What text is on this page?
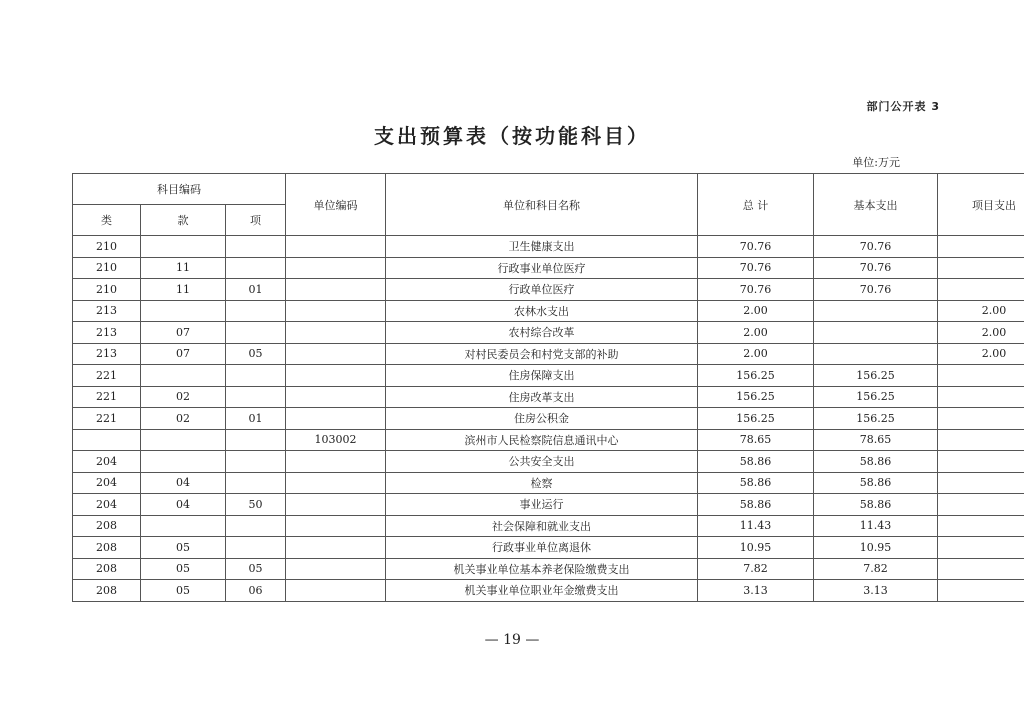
部门公开表 3
支出预算表（按功能科目）
单位:万元
科目编码			单位编码	单位和科目名称	总 计	基本支出	项目支出
类	款	项					
210				卫生健康支出	70.76	70.76	
210	11			行政事业单位医疗	70.76	70.76	
210	11	01		行政单位医疗	70.76	70.76	
213				农林水支出	2.00		2.00
213	07			农村综合改革	2.00		2.00
213	07	05		对村民委员会和村党支部的补助	2.00		2.00
221				住房保障支出	156.25	156.25	
221	02			住房改革支出	156.25	156.25	
221	02	01		住房公积金	156.25	156.25	
			103002	滨州市人民检察院信息通讯中心	78.65	78.65	
204				公共安全支出	58.86	58.86	
204	04			检察	58.86	58.86	
204	04	50		事业运行	58.86	58.86	
208				社会保障和就业支出	11.43	11.43	
208	05			行政事业单位离退休	10.95	10.95	
208	05	05		机关事业单位基本养老保险缴费支出	7.82	7.82	
208	05	06		机关事业单位职业年金缴费支出	3.13	3.13	
— 19 —
